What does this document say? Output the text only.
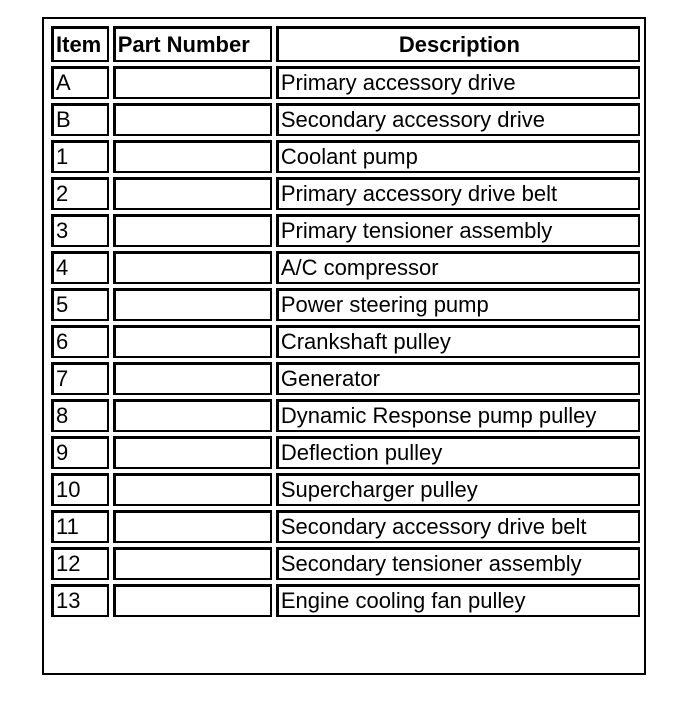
Item	Part Number	Description
A		Primary accessory drive
B		Secondary accessory drive
1		Coolant pump
2		Primary accessory drive belt
3		Primary tensioner assembly
4		A/C compressor
5		Power steering pump
6		Crankshaft pulley
7		Generator
8		Dynamic Response pump pulley
9		Deflection pulley
10		Supercharger pulley
11		Secondary accessory drive belt
12		Secondary tensioner assembly
13		Engine cooling fan pulley
